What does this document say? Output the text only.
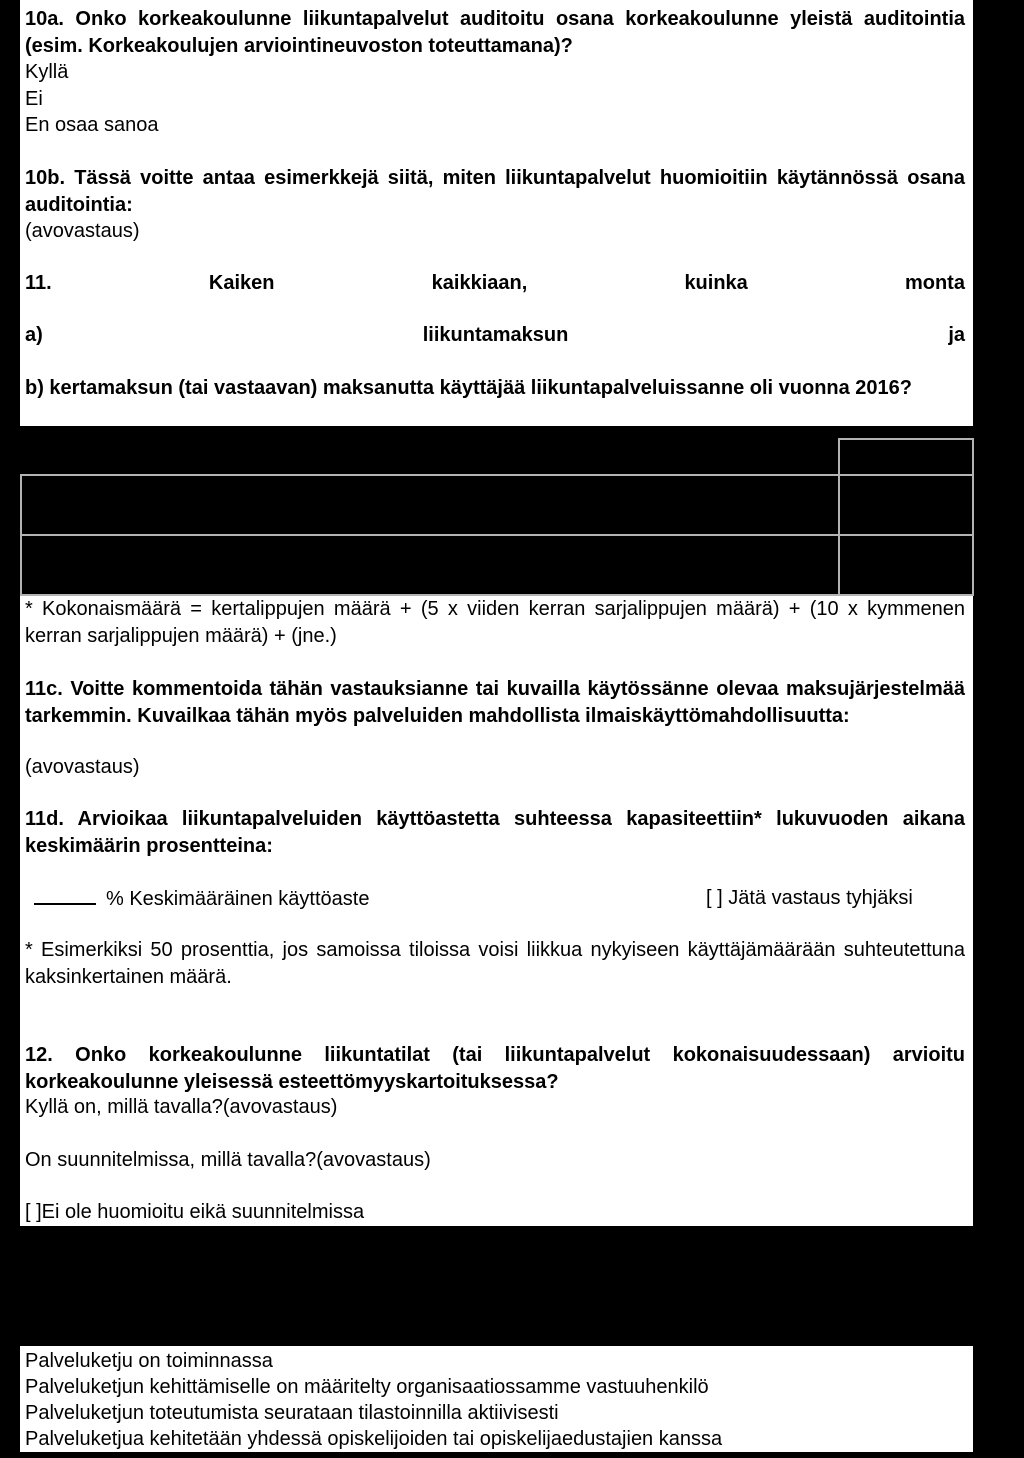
10a. Onko korkeakoulunne liikuntapalvelut auditoitu osana korkeakoulunne yleistä auditointia (esim. Korkeakoulujen arviointineuvoston toteuttamana)?

Kyllä

Ei

En osaa sanoa

10b. Tässä voitte antaa esimerkkejä siitä, miten liikuntapalvelut huomioitiin käytännössä osana auditointia:

(avovastaus)

11.	Kaiken	kaikkiaan,	kuinka	monta
a)	liikuntamaksun	ja

b) kertamaksun (tai vastaavan) maksanutta käyttäjää liikuntapalveluissanne oli vuonna 2016?

* Kokonaismäärä = kertalippujen määrä + (5 x viiden kerran sarjalippujen määrä) + (10 x kymmenen kerran sarjalippujen määrä) + (jne.)

11c. Voitte kommentoida tähän vastauksianne tai kuvailla käytössänne olevaa maksujärjestelmää tarkemmin. Kuvailkaa tähän myös palveluiden mahdollista ilmaiskäyttömahdollisuutta:

(avovastaus)

11d. Arvioikaa liikuntapalveluiden käyttöastetta suhteessa kapasiteettiin* lukuvuoden aikana keskimäärin prosentteina:

% Keskimääräinen käyttöaste	[ ] Jätä vastaus tyhjäksi

* Esimerkiksi 50 prosenttia, jos samoissa tiloissa voisi liikkua nykyiseen käyttäjämäärään suhteutettuna kaksinkertainen määrä.

12. Onko korkeakoulunne liikuntatilat (tai liikuntapalvelut kokonaisuudessaan) arvioitu korkeakoulunne yleisessä esteettömyyskartoituksessa?

Kyllä on, millä tavalla?(avovastaus)

On suunnitelmissa, millä tavalla?(avovastaus)

[ ]Ei ole huomioitu eikä suunnitelmissa

Palveluketju on toiminnassa

Palveluketjun kehittämiselle on määritelty organisaatiossamme vastuuhenkilö

Palveluketjun toteutumista seurataan tilastoinnilla aktiivisesti

Palveluketjua kehitetään yhdessä opiskelijoiden tai opiskelijaedustajien kanssa
